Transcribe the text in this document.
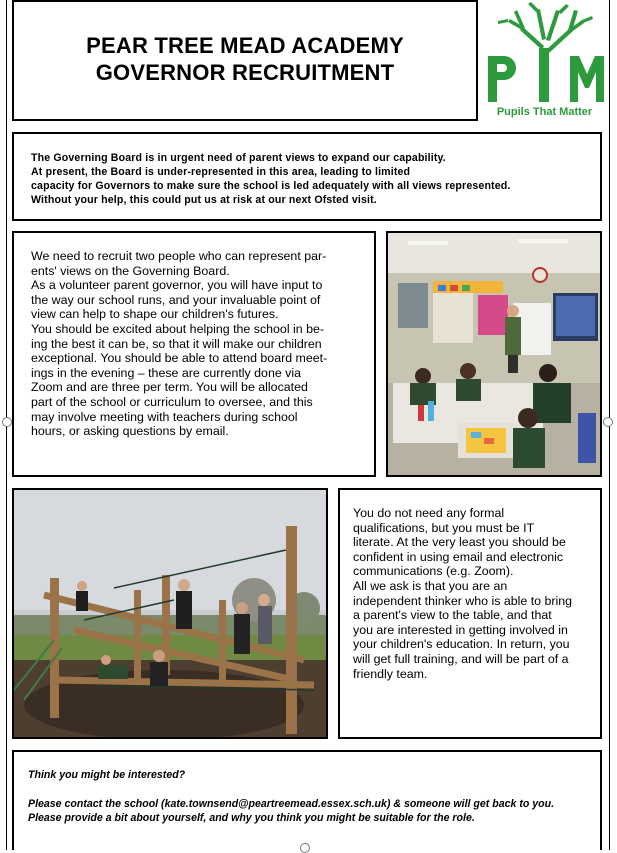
PEAR TREE MEAD ACADEMY
GOVERNOR RECRUITMENT
Pupils That Matter
The Governing Board is in urgent need of parent views to expand our capability.
At present, the Board is under-represented in this area, leading to limited
capacity for Governors to make sure the school is led adequately with all views represented.
Without your help, this could put us at risk at our next Ofsted visit.
We need to recruit two people who can represent par-
ents' views on the Governing Board.
As a volunteer parent governor, you will have input to
the way our school runs, and your invaluable point of
view can help to shape our children's futures.
You should be excited about helping the school in be-
ing the best it can be, so that it will make our children
exceptional. You should be able to attend board meet-
ings in the evening – these are currently done via
Zoom and are three per term. You will be allocated
part of the school or curriculum to oversee, and this
may involve meeting with teachers during school
hours, or asking questions by email.
You do not need any formal
qualifications, but you must be IT
literate. At the very least you should be
confident in using email and electronic
communications (e.g. Zoom).
All we ask is that you are an
independent thinker who is able to bring
a parent's view to the table, and that
you are interested in getting involved in
your children's education. In return, you
will get full training, and will be part of a
friendly team.

Think you might be interested?

Please contact the school (kate.townsend@peartreemead.essex.sch.uk) & someone will get back to you. Please provide a bit about yourself, and why you think you might be suitable for the role.
